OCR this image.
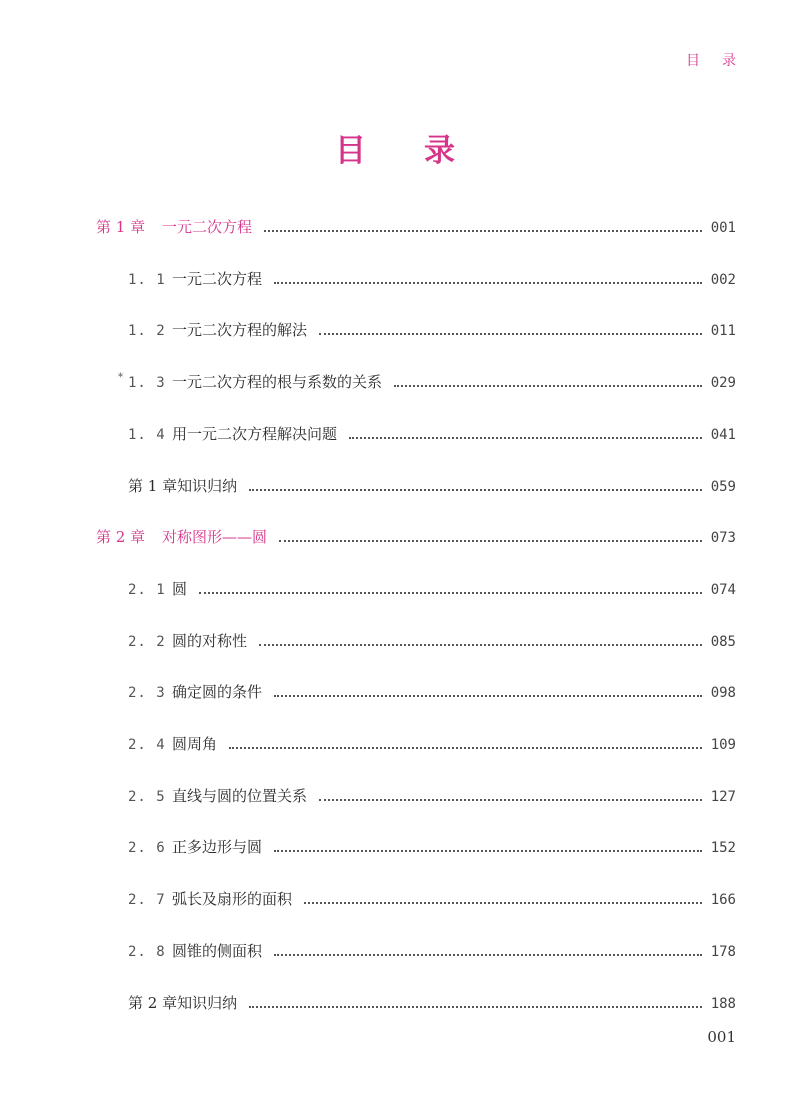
目录
目录
第 1 章	一元二次方程	001
1. 1 一元二次方程	002
1. 2 一元二次方程的解法	011
* 1. 3 一元二次方程的根与系数的关系	029
1. 4 用一元二次方程解决问题	041
第 1 章知识归纳	059
第 2 章	对称图形——圆	073
2. 1 圆	074
2. 2 圆的对称性	085
2. 3 确定圆的条件	098
2. 4 圆周角	109
2. 5 直线与圆的位置关系	127
2. 6 正多边形与圆	152
2. 7 弧长及扇形的面积	166
2. 8 圆锥的侧面积	178
第 2 章知识归纳	188
001
